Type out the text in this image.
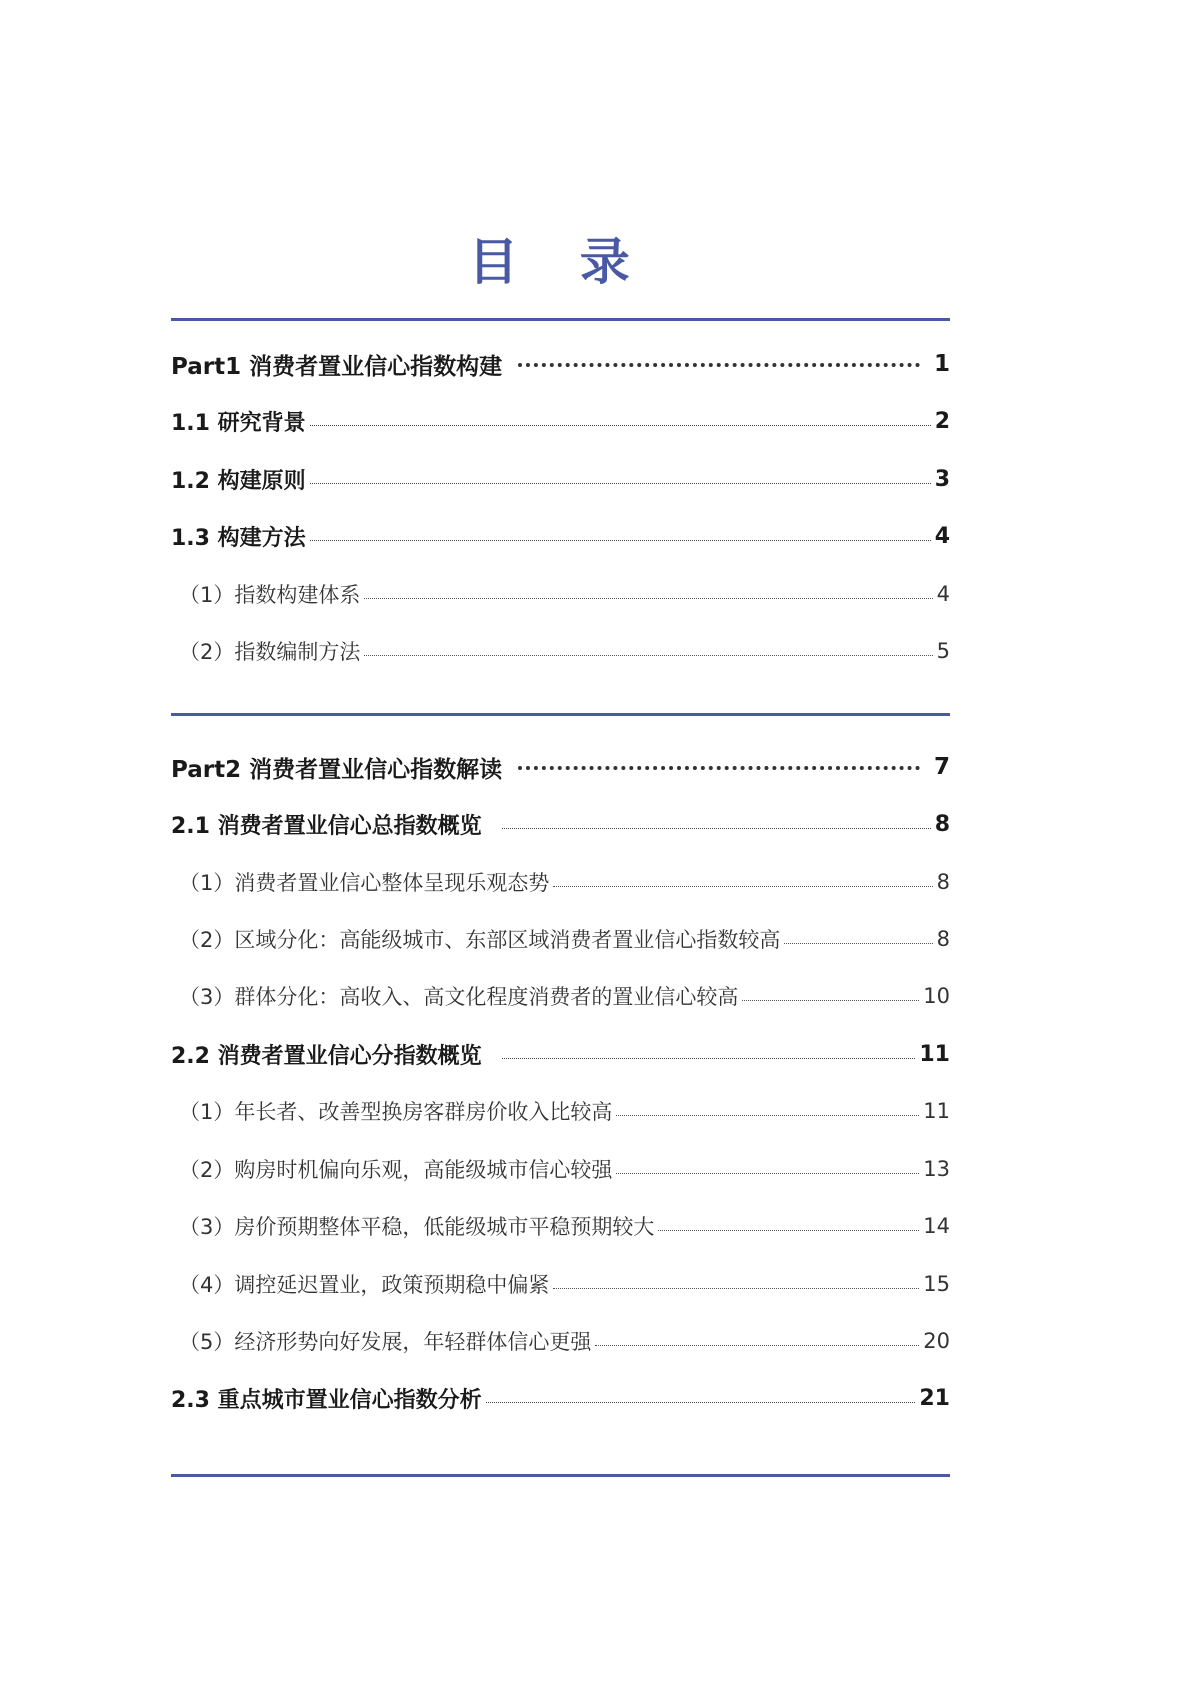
目 录
Part1 消费者置业信心指数构建	1
1.1 研究背景	2
1.2 构建原则	3
1.3 构建方法	4
（1）指数构建体系	4
（2）指数编制方法	5
Part2 消费者置业信心指数解读	7
2.1 消费者置业信心总指数概览	8
（1）消费者置业信心整体呈现乐观态势	8
（2）区域分化：高能级城市、东部区域消费者置业信心指数较高	8
（3）群体分化：高收入、高文化程度消费者的置业信心较高	10
2.2 消费者置业信心分指数概览	11
（1）年长者、改善型换房客群房价收入比较高	11
（2）购房时机偏向乐观，高能级城市信心较强	13
（3）房价预期整体平稳，低能级城市平稳预期较大	14
（4）调控延迟置业，政策预期稳中偏紧	15
（5）经济形势向好发展，年轻群体信心更强	20
2.3 重点城市置业信心指数分析	21
